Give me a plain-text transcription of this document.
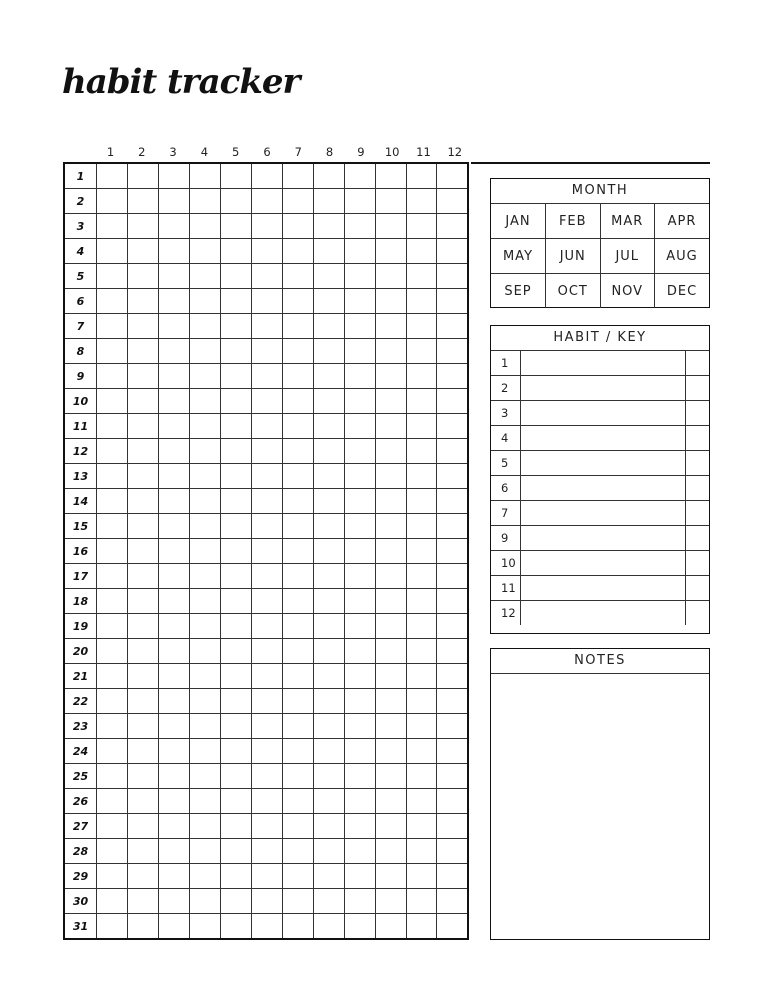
habit tracker
1	2	3	4	5	6	7	8	9	10	11	12
1												
2												
3												
4												
5												
6												
7												
8												
9												
10												
11												
12												
13												
14												
15												
16												
17												
18												
19												
20												
21												
22												
23												
24												
25												
26												
27												
28												
29												
30												
31												
MONTH
JAN	FEB	MAR	APR
MAY	JUN	JUL	AUG
SEP	OCT	NOV	DEC
HABIT / KEY
1		
2		
3		
4		
5		
6		
7		
9		
10		
11		
12		
NOTES
